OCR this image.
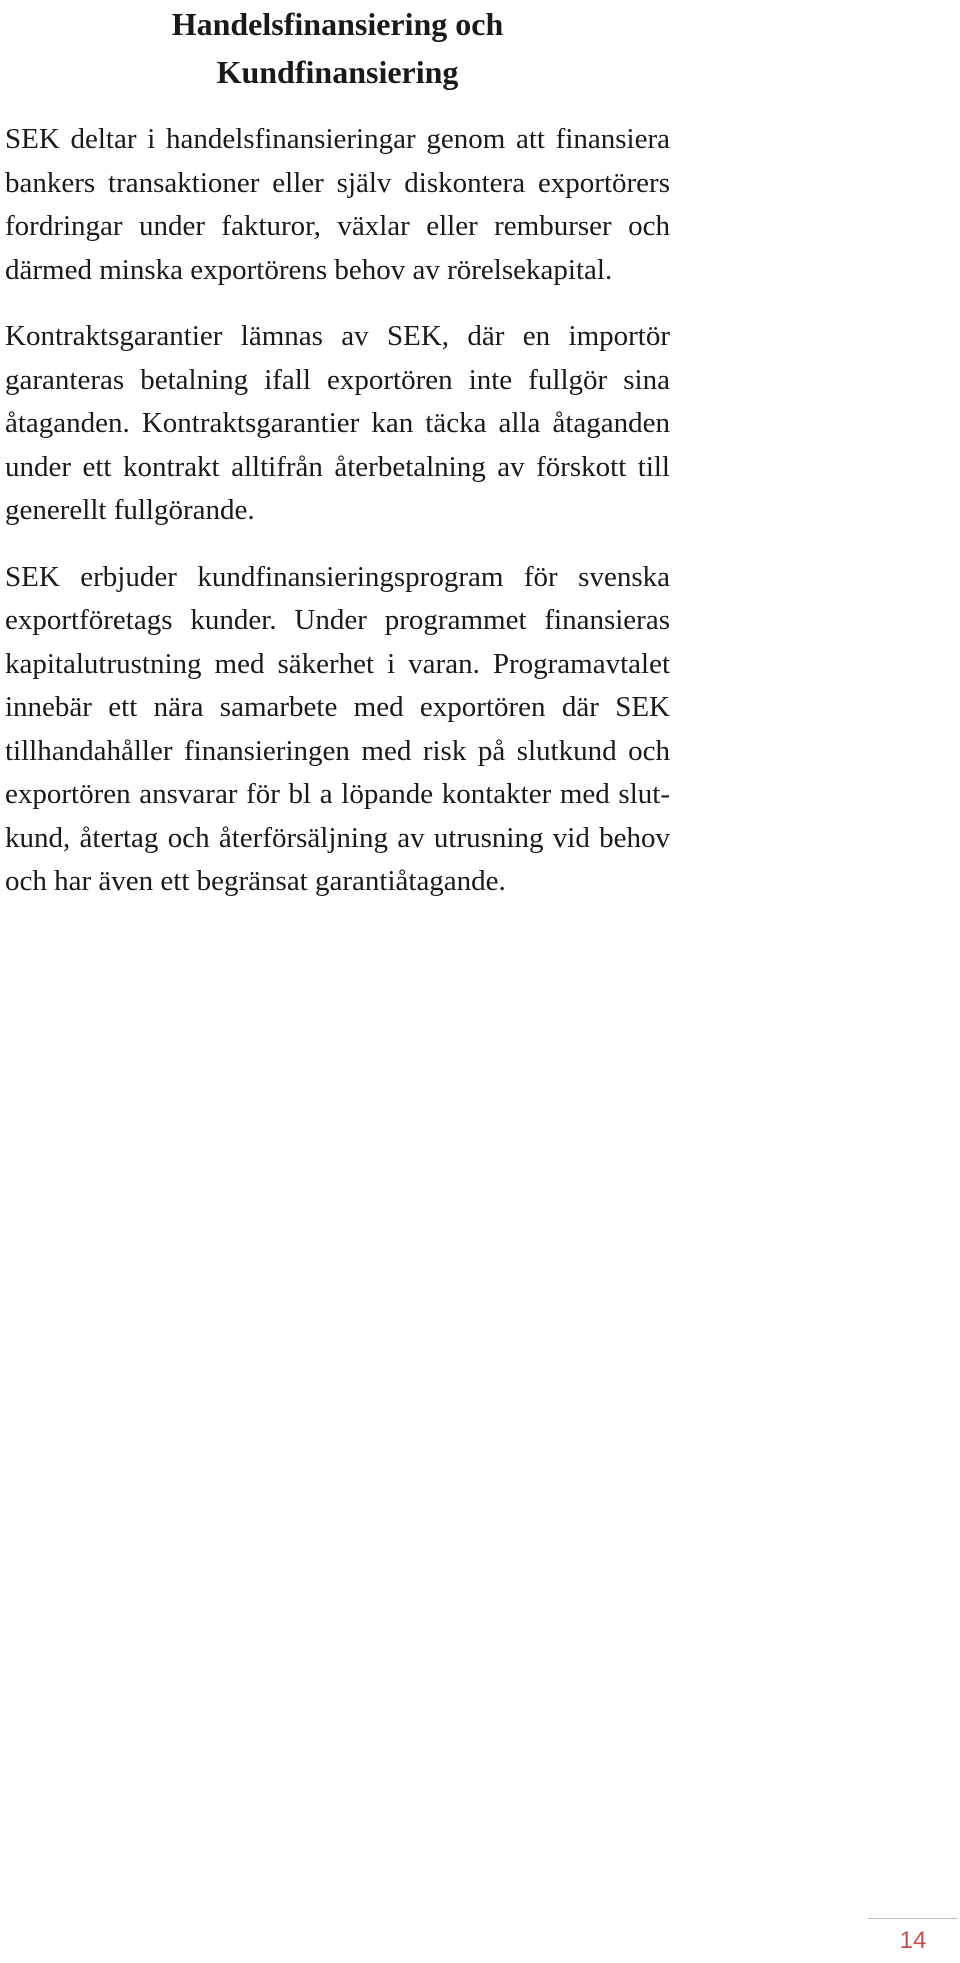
Handelsfinansiering och
Kundfinansiering

SEK deltar i handelsfinansieringar genom att finansiera bankers transaktioner eller själv diskontera exportörers fordringar under fakturor, växlar eller remburser och därmed minska exportörens behov av rörelsekapital.

Kontraktsgarantier lämnas av SEK, där en importör garanteras betalning ifall exportören inte fullgör sina åtaganden. Kontraktsgarantier kan täcka alla åtaganden under ett kontrakt alltifrån återbetalning av förskott till generellt fullgörande.

SEK erbjuder kundfinansieringsprogram för svenska exportföretags kunder. Under programmet finansieras kapitalutrustning med säkerhet i varan. Programavtalet innebär ett nära samarbete med exportören där SEK tillhandahåller finansieringen med risk på slutkund och exportören ansvarar för bl a löpande kontakter med slutkund, återtag och återförsäljning av utrusning vid behov och har även ett begränsat garantiåtagande.

14
